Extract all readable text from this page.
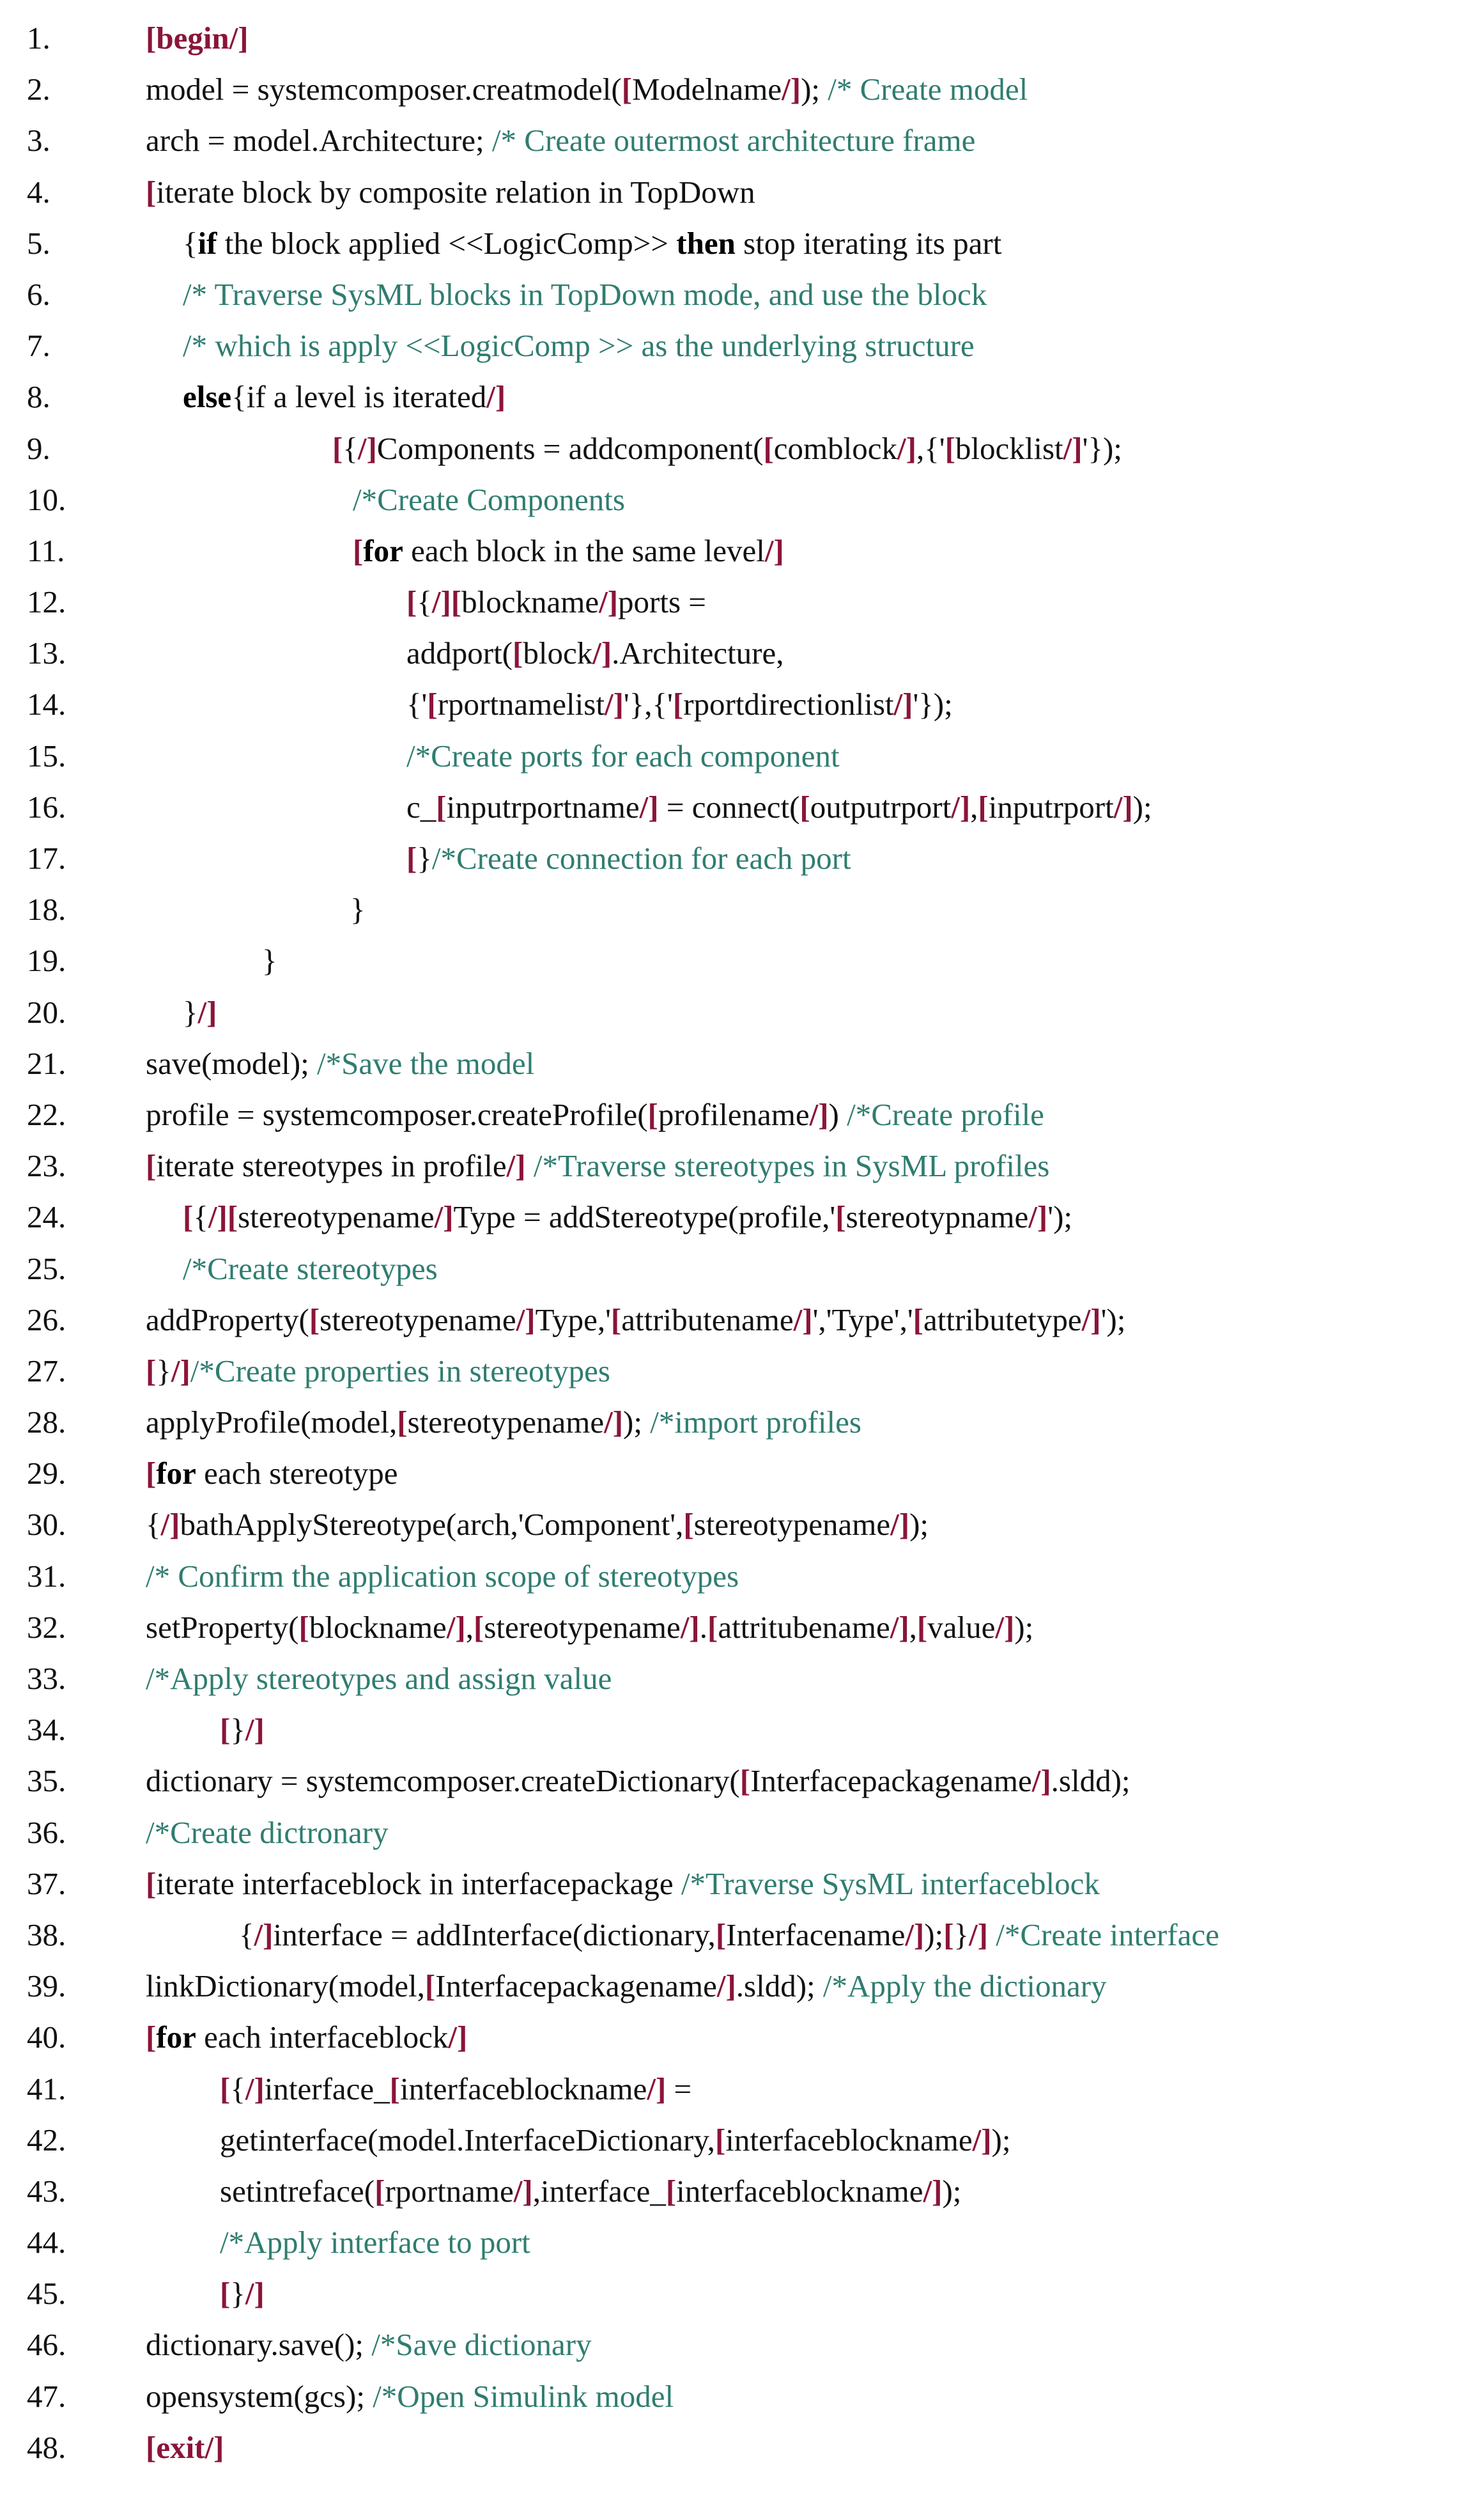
1.	[begin/]
2.	model = systemcomposer.creatmodel([Modelname/]); /* Create model
3.	arch = model.Architecture; /* Create outermost architecture frame
4.	[iterate block by composite relation in TopDown
5.	{if the block applied <<LogicComp>> then stop iterating its part
6.	/* Traverse SysML blocks in TopDown mode, and use the block
7.	/* which is apply <<LogicComp >> as the underlying structure
8.	else{if a level is iterated/]
9.	[{/]Components = addcomponent([comblock/],{'[blocklist/]'});
10.	/*Create Components
11.	[for each block in the same level/]
12.	[{/][blockname/]ports =
13.	addport([block/].Architecture,
14.	{'[rportnamelist/]'},{'[rportdirectionlist/]'});
15.	/*Create ports for each component
16.	c_[inputrportname/] = connect([outputrport/],[inputrport/]);
17.	[}/*Create connection for each port
18.	}
19.	}
20.	}/]
21.	save(model); /*Save the model
22.	profile = systemcomposer.createProfile([profilename/]) /*Create profile
23.	[iterate stereotypes in profile/] /*Traverse stereotypes in SysML profiles
24.	[{/][stereotypename/]Type = addStereotype(profile,'[stereotypname/]');
25.	/*Create stereotypes
26.	addProperty([stereotypename/]Type,'[attributename/]','Type','[attributetype/]');
27.	[}/]/*Create properties in stereotypes
28.	applyProfile(model,[stereotypename/]); /*import profiles
29.	[for each stereotype
30.	{/]bathApplyStereotype(arch,'Component',[stereotypename/]);
31.	/* Confirm the application scope of stereotypes
32.	setProperty([blockname/],[stereotypename/].[attritubename/],[value/]);
33.	/*Apply stereotypes and assign value
34.	[}/]
35.	dictionary = systemcomposer.createDictionary([Interfacepackagename/].sldd);
36.	/*Create dictronary
37.	[iterate interfaceblock in interfacepackage /*Traverse SysML interfaceblock
38.	{/]interface = addInterface(dictionary,[Interfacename/]);[}/] /*Create interface
39.	linkDictionary(model,[Interfacepackagename/].sldd); /*Apply the dictionary
40.	[for each interfaceblock/]
41.	[{/]interface_[interfaceblockname/] =
42.	getinterface(model.InterfaceDictionary,[interfaceblockname/]);
43.	setintreface([rportname/],interface_[interfaceblockname/]);
44.	/*Apply interface to port
45.	[}/]
46.	dictionary.save(); /*Save dictionary
47.	opensystem(gcs); /*Open Simulink model
48.	[exit/]
